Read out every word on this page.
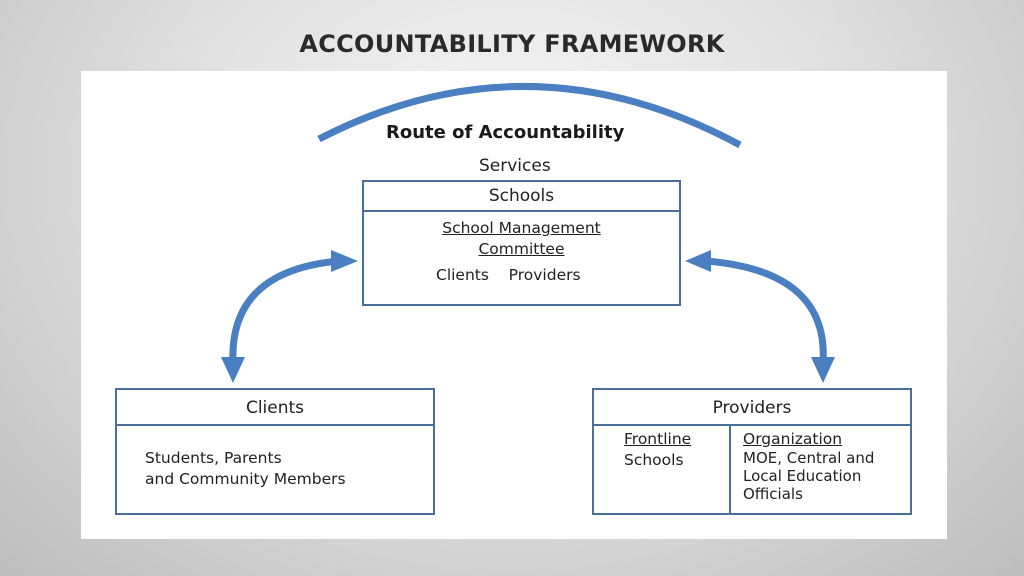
ACCOUNTABILITY FRAMEWORK
Route of Accountability
Services
Schools
School Management
Committee
Clients    Providers
Clients
Students, Parents
and Community Members
Providers
Frontline
Schools
Organization
MOE, Central and
Local Education
Officials
